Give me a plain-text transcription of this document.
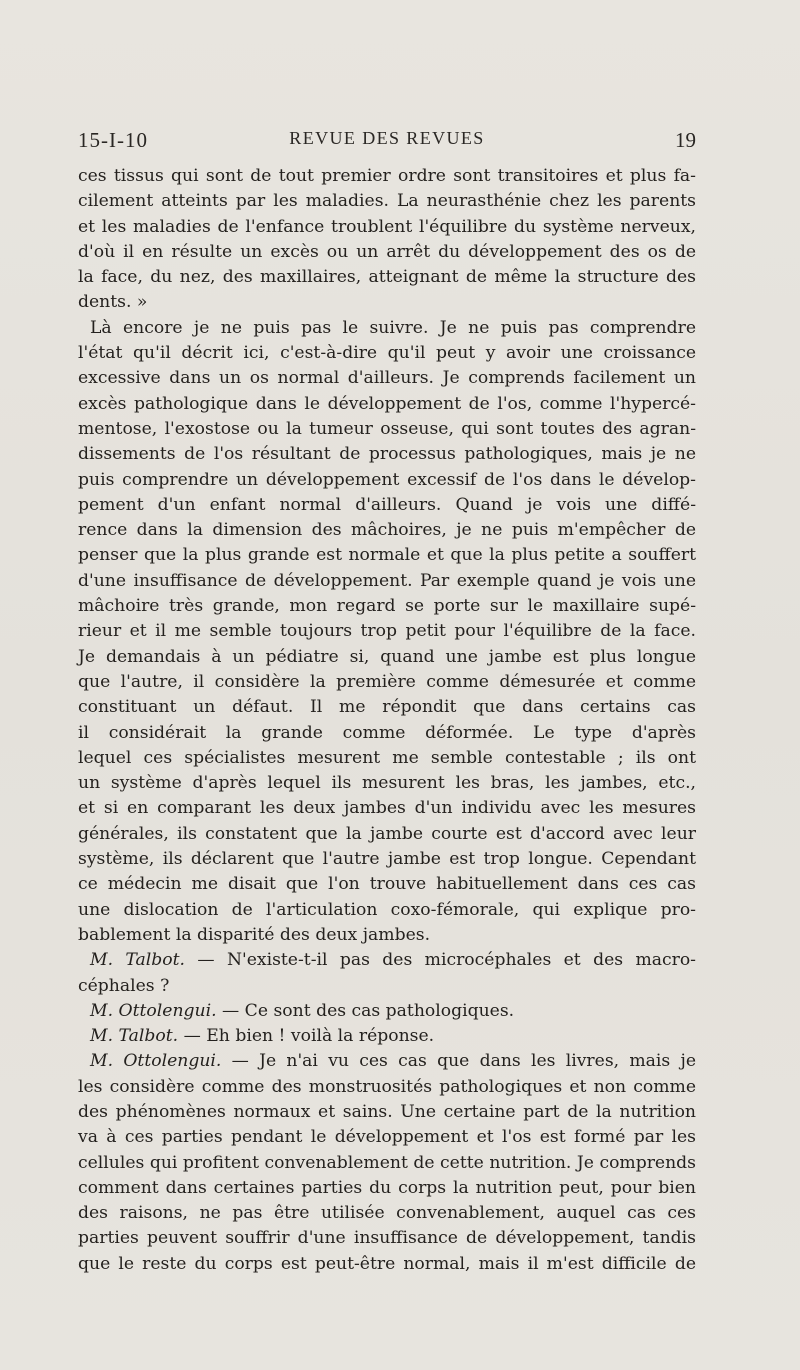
15-I-10	REVUE DES REVUES	19
ces tissus qui sont de tout premier ordre sont transitoires et plus fa-
cilement atteints par les maladies. La neurasthénie chez les parents
et les maladies de l'enfance troublent l'équilibre du système nerveux,
d'où il en résulte un excès ou un arrêt du développement des os de
la face, du nez, des maxillaires, atteignant de même la structure des
dents. »
Là encore je ne puis pas le suivre. Je ne puis pas comprendre
l'état qu'il décrit ici, c'est-à-dire qu'il peut y avoir une croissance
excessive dans un os normal d'ailleurs. Je comprends facilement un
excès pathologique dans le développement de l'os, comme l'hypercé-
mentose, l'exostose ou la tumeur osseuse, qui sont toutes des agran-
dissements de l'os résultant de processus pathologiques, mais je ne
puis comprendre un développement excessif de l'os dans le dévelop-
pement d'un enfant normal d'ailleurs. Quand je vois une diffé-
rence dans la dimension des mâchoires, je ne puis m'empêcher de
penser que la plus grande est normale et que la plus petite a souffert
d'une insuffisance de développement. Par exemple quand je vois une
mâchoire très grande, mon regard se porte sur le maxillaire supé-
rieur et il me semble toujours trop petit pour l'équilibre de la face.
Je demandais à un pédiatre si, quand une jambe est plus longue
que l'autre, il considère la première comme démesurée et comme
constituant un défaut. Il me répondit que dans certains cas
il considérait la grande comme déformée. Le type d'après
lequel ces spécialistes mesurent me semble contestable ; ils ont
un système d'après lequel ils mesurent les bras, les jambes, etc.,
et si en comparant les deux jambes d'un individu avec les mesures
générales, ils constatent que la jambe courte est d'accord avec leur
système, ils déclarent que l'autre jambe est trop longue. Cependant
ce médecin me disait que l'on trouve habituellement dans ces cas
une dislocation de l'articulation coxo-fémorale, qui explique pro-
bablement la disparité des deux jambes.
M. Talbot. — N'existe-t-il pas des microcéphales et des macro-
céphales ?
M. Ottolengui. — Ce sont des cas pathologiques.
M. Talbot. — Eh bien ! voilà la réponse.
M. Ottolengui. — Je n'ai vu ces cas que dans les livres, mais je
les considère comme des monstruosités pathologiques et non comme
des phénomènes normaux et sains. Une certaine part de la nutrition
va à ces parties pendant le développement et l'os est formé par les
cellules qui profitent convenablement de cette nutrition. Je comprends
comment dans certaines parties du corps la nutrition peut, pour bien
des raisons, ne pas être utilisée convenablement, auquel cas ces
parties peuvent souffrir d'une insuffisance de développement, tandis
que le reste du corps est peut-être normal, mais il m'est difficile de
